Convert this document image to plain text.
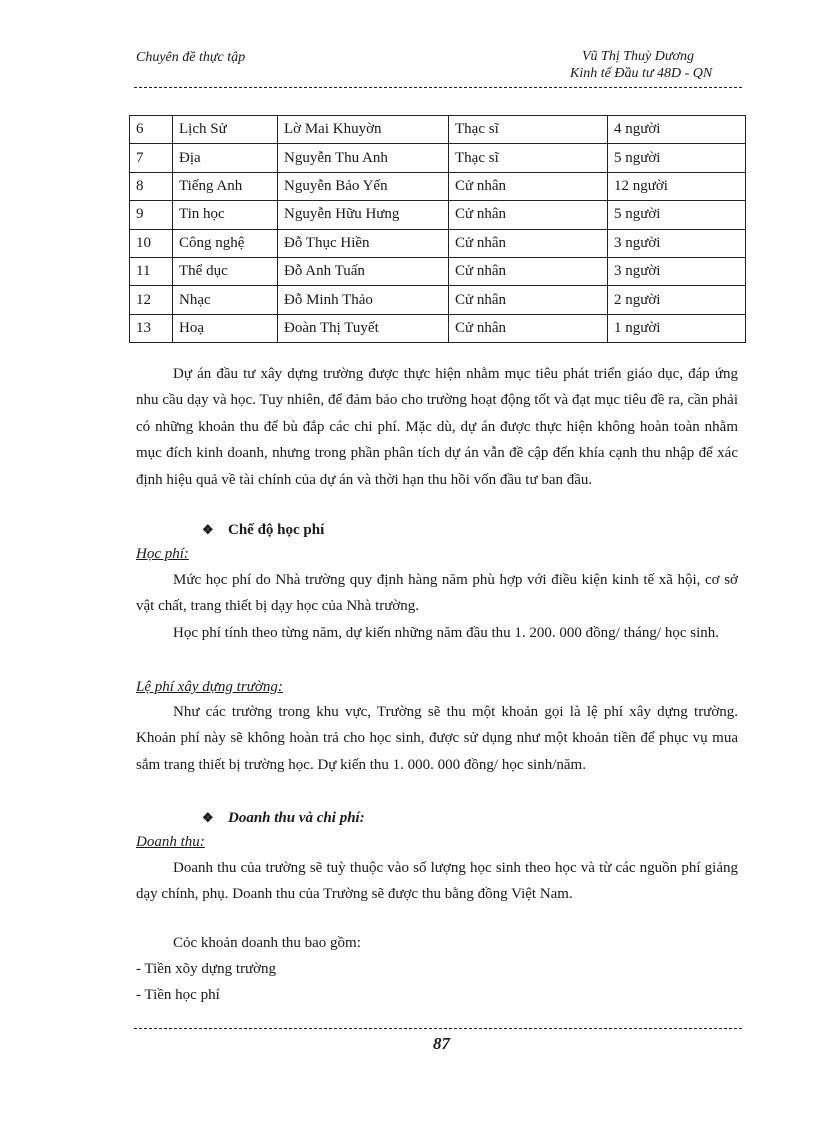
Chuyên đề thực tập	Vũ Thị Thuỳ Dương
Kinh tế Đầu tư 48D - QN
6	Lịch Sử	Lờ Mai Khuyờn	Thạc sĩ	4 người
7	Địa	Nguyễn Thu Anh	Thạc sĩ	5 người
8	Tiếng Anh	Nguyễn Bảo Yến	Cử nhân	12 người
9	Tin học	Nguyễn Hữu Hưng	Cử nhân	5 người
10	Công nghệ	Đỗ Thục Hiền	Cử nhân	3 người
11	Thể dục	Đỗ Anh Tuấn	Cử nhân	3 người
12	Nhạc	Đỗ Minh Thảo	Cử nhân	2 người
13	Hoạ	Đoàn Thị Tuyết	Cử nhân	1 người

Dự án đầu tư xây dựng trường được thực hiện nhằm mục tiêu phát triển giáo dục, đáp ứng nhu cầu dạy và học. Tuy nhiên, để đảm bảo cho trường hoạt động tốt và đạt mục tiêu đề ra, cần phải có những khoản thu để bù đắp các chi phí. Mặc dù, dự án được thực hiện không hoàn toàn nhằm mục đích kinh doanh, nhưng trong phần phân tích dự án vẫn đề cập đến khía cạnh thu nhập để xác định hiệu quả về tài chính của dự án và thời hạn thu hồi vốn đầu tư ban đầu.

❖ Chế độ học phí
Học phí:

Mức học phí do Nhà trường quy định hàng năm phù hợp với điều kiện kinh tế xã hội, cơ sở vật chất, trang thiết bị dạy học của Nhà trường.

Học phí tính theo từng năm, dự kiến những năm đầu thu 1. 200. 000 đồng/ tháng/ học sinh.

Lệ phí xây dựng trường:

Như các trường trong khu vực, Trường sẽ thu một khoản gọi là lệ phí xây dựng trường. Khoản phí này sẽ không hoàn trả cho học sinh, được sử dụng như một khoản tiền để phục vụ mua sắm trang thiết bị trường học. Dự kiến thu 1. 000. 000 đồng/ học sinh/năm.

❖ Doanh thu và chi phí:
Doanh thu:

Doanh thu của trường sẽ tuỳ thuộc vào số lượng học sinh theo học và từ các nguồn phí giảng dạy chính, phụ. Doanh thu của Trường sẽ được thu bằng đồng Việt Nam.

Cỏc khoản doanh thu bao gồm:
- Tiền xõy dựng trường
- Tiền học phí
87
